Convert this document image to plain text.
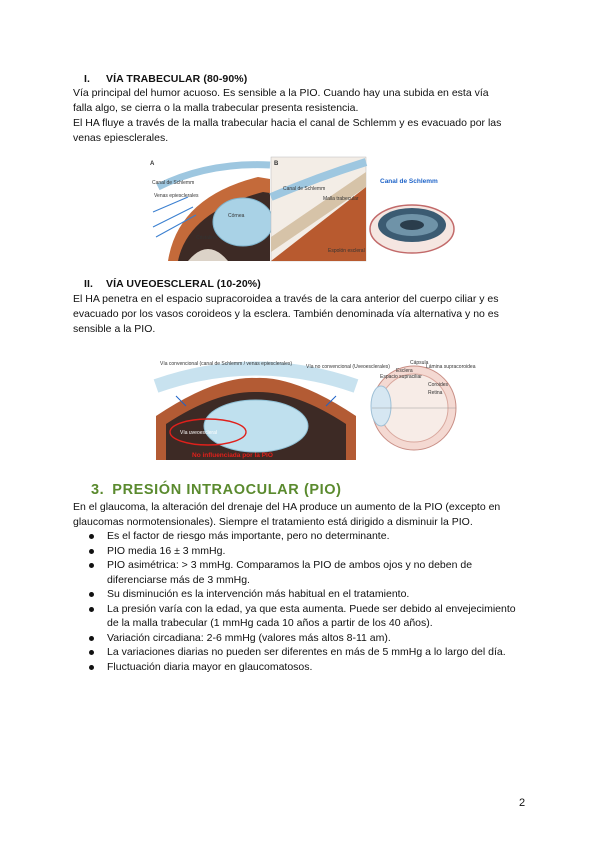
I. VÍA TRABECULAR (80-90%)

Vía principal del humor acuoso. Es sensible a la PIO. Cuando hay una subida en esta vía

falla algo, se cierra o la malla trabecular presenta resistencia.

El HA fluye a través de la malla trabecular hacia el canal de Schlemm y es evacuado por las

venas epiesclerales.

A
Canal de Schlemm
Venas epiesclerales
Córnea
Cristalino
B
Canal de Schlemm
Malla trabecular
Espolón escleral
Canal de Schlemm
II. VÍA UVEOESCLERAL (10-20%)

El HA penetra en el espacio supracoroidea a través de la cara anterior del cuerpo ciliar y es

evacuado por los vasos coroideos y la esclera. También denominada vía alternativa y no es

sensible a la PIO.

Vía convencional (canal de Schlemm / venas epiesclerales)	Vía no convencional (Uveoesclerales)
Vía uveoescleral
No influenciada por la PIO
Cápsula
Lámina supracoroidea
Esclera
Espacio supraciliar
Coroides
Retina
3. PRESIÓN INTRAOCULAR (PIO)

En el glaucoma, la alteración del drenaje del HA produce un aumento de la PIO (excepto en

glaucomas normotensionales). Siempre el tratamiento está dirigido a disminuir la PIO.

Es el factor de riesgo más importante, pero no determinante.
PIO media 16 ± 3 mmHg.
PIO asimétrica: > 3 mmHg. Comparamos la PIO de ambos ojos y no deben de diferenciarse más de 3 mmHg.
Su disminución es la intervención más habitual en el tratamiento.
La presión varía con la edad, ya que esta aumenta. Puede ser debido al envejecimiento de la malla trabecular (1 mmHg cada 10 años a partir de los 40 años).
Variación circadiana: 2-6 mmHg (valores más altos 8-11 am).
La variaciones diarias no pueden ser diferentes en más de 5 mmHg a lo largo del día.
Fluctuación diaria mayor en glaucomatosos.
2
